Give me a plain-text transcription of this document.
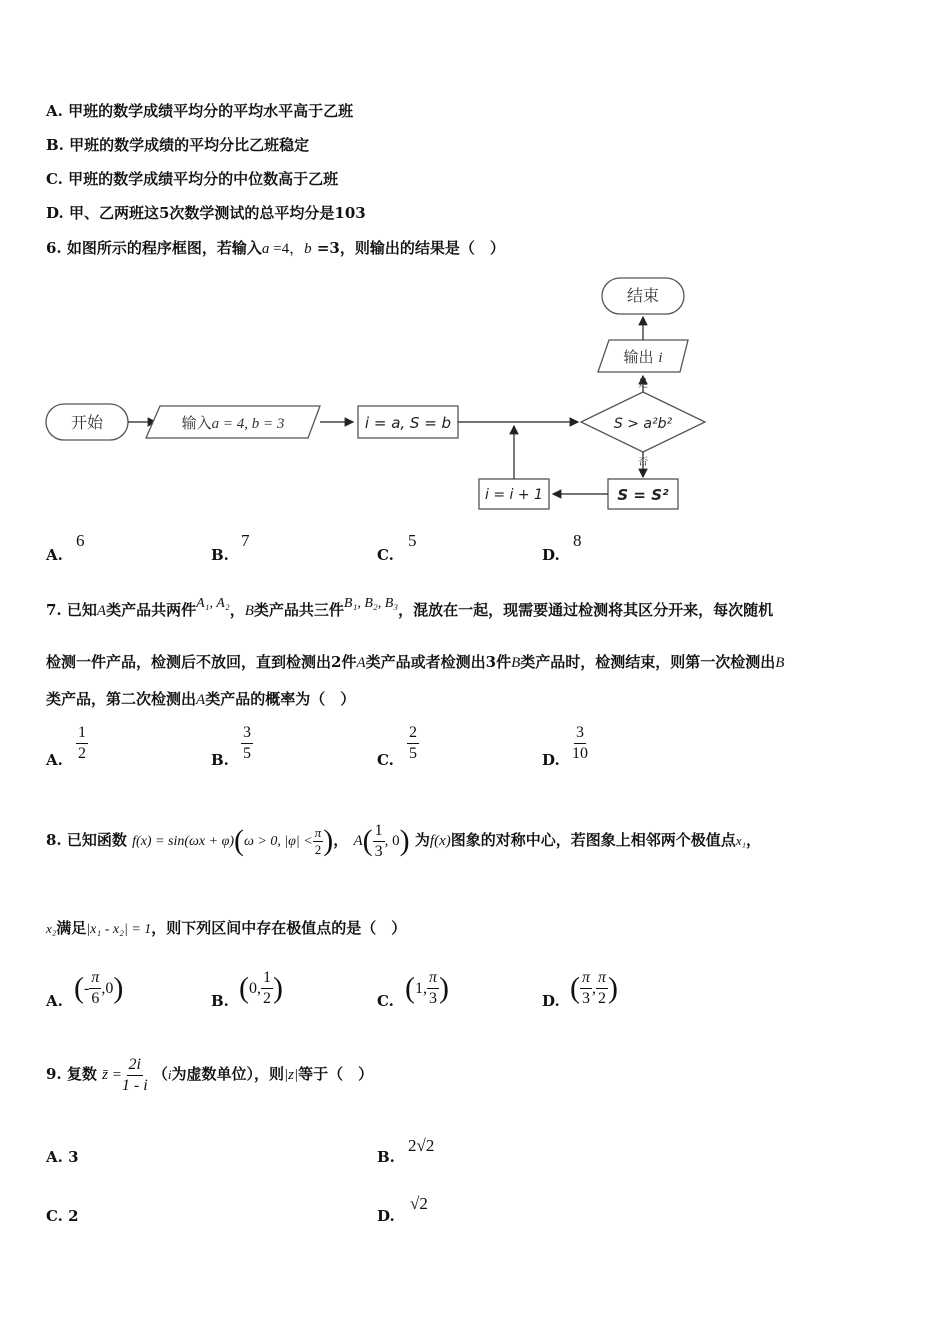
A. 甲班的数学成绩平均分的平均水平高于乙班
B. 甲班的数学成绩的平均分比乙班稳定
C. 甲班的数学成绩平均分的中位数高于乙班
D. 甲、乙两班这5次数学测试的总平均分是103
6. 如图所示的程序框图，若输入a =4，b =3，则输出的结果是（　）
开始	输入a = 4, b = 3	i = a, S = b	S > a²b²
是
输出 i
结束
否
S = S²
i = i + 1
A.
6
B.
7
C.
5
D.
8
7. 已知A类产品共两件A₁, A₂，B类产品共三件B₁, B₂, B₃，混放在一起，现需要通过检测将其区分开来，每次随机
检测一件产品，检测后不放回，直到检测出2件A类产品或者检测出3件B类产品时，检测结束，则第一次检测出B
类产品，第二次检测出A类产品的概率为（　）
A. $\frac{1}{2}$	B. $\frac{3}{5}$	C. $\frac{2}{5}$	D. $\frac{3}{10}$
8. 已知函数 f(x) = sin(ωx + φ)(ω > 0, $|\varphi| < \frac{\pi}{2}$ )， $A( \frac{1}{3}$ , 0) 为f(x)图象的对称中心，若图象上相邻两个极值点x₁，
x₂满足|x₁ - x₂| = 1，则下列区间中存在极值点的是（　）
A. (- $\frac{\pi}{6} ,0$)	B. (0, $\frac{1}{2}$ )	C. (1, $\frac{\pi}{3}$ )	D. ( $\frac{\pi}{3}$ , $\frac{\pi}{2}$ )
9. 复数 z̄ = $\frac{2i}{1 - i} (i$为虚数单位），则|z|等于（　）
A. 3	B.
2√2
C. 2	D.
√2
